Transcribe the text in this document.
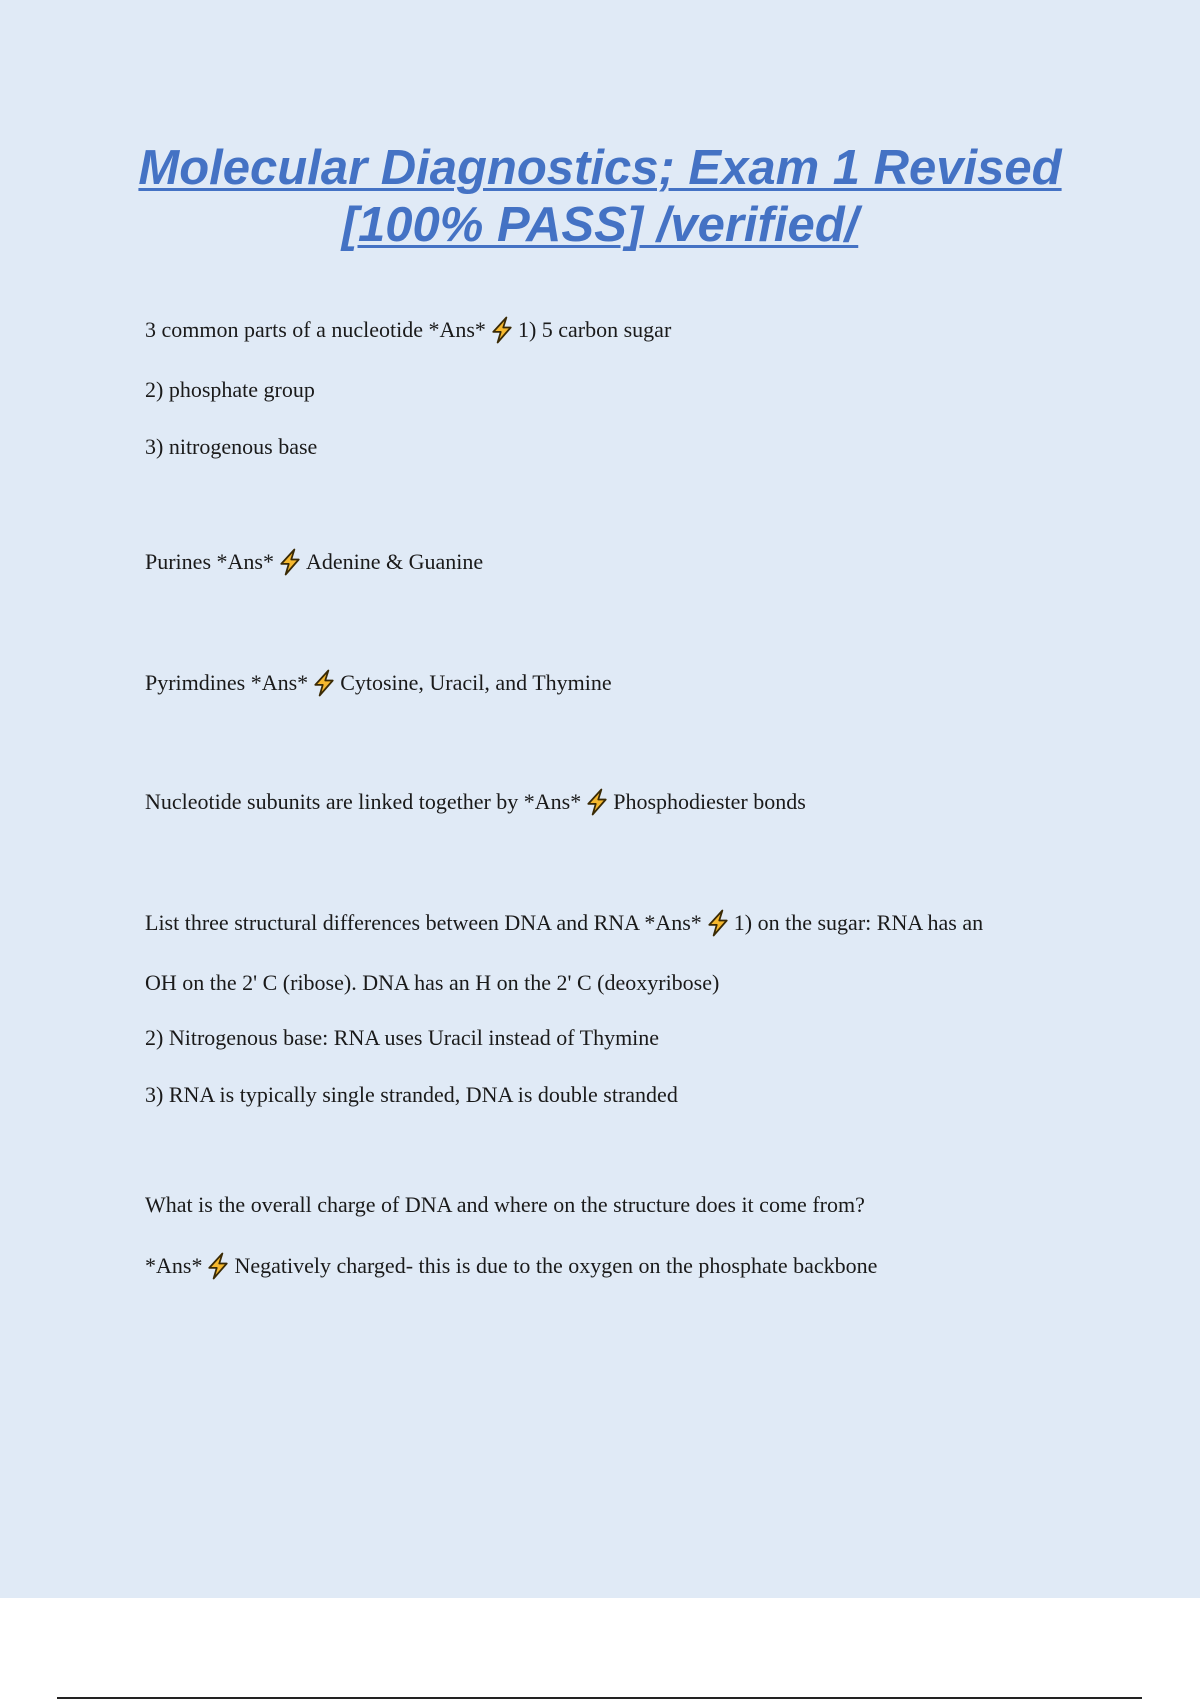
Molecular Diagnostics; Exam 1 Revised
[100% PASS] /verified/

3 common parts of a nucleotide *Ans* 1) 5 carbon sugar

2) phosphate group

3) nitrogenous base

Purines *Ans* Adenine & Guanine

Pyrimdines *Ans* Cytosine, Uracil, and Thymine

Nucleotide subunits are linked together by *Ans* Phosphodiester bonds

List three structural differences between DNA and RNA *Ans* 1) on the sugar: RNA has an

OH on the 2' C (ribose). DNA has an H on the 2' C (deoxyribose)

2) Nitrogenous base: RNA uses Uracil instead of Thymine

3) RNA is typically single stranded, DNA is double stranded

What is the overall charge of DNA and where on the structure does it come from?

*Ans* Negatively charged- this is due to the oxygen on the phosphate backbone
